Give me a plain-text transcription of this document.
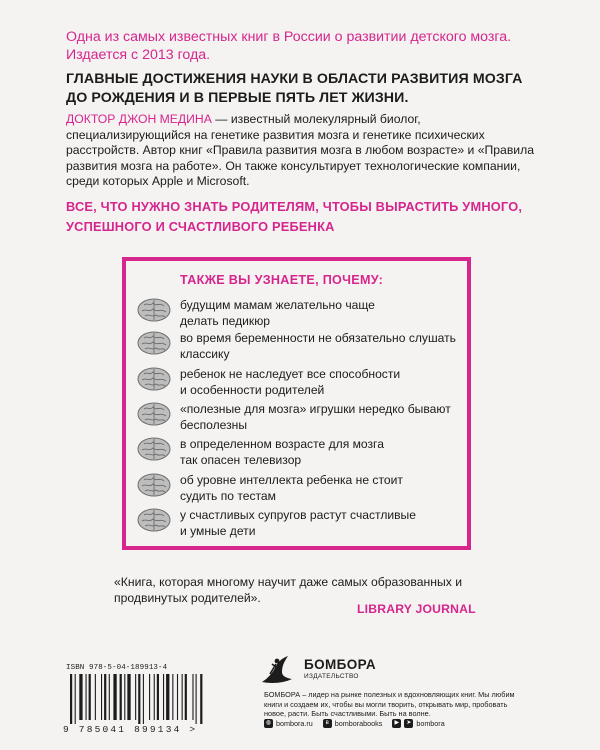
Одна из самых известных книг в России о развитии детского мозга. Издается с 2013 года.
ГЛАВНЫЕ ДОСТИЖЕНИЯ НАУКИ В ОБЛАСТИ РАЗВИТИЯ МОЗГА ДО РОЖДЕНИЯ И В ПЕРВЫЕ ПЯТЬ ЛЕТ ЖИЗНИ.
ДОКТОР ДЖОН МЕДИНА — известный молекулярный биолог, специализирующийся на генетике развития мозга и генетике психических расстройств. Автор книг «Правила развития мозга в любом возрасте» и «Правила развития мозга на работе». Он также консультирует технологические компании, среди которых Apple и Microsoft.
ВСЕ, ЧТО НУЖНО ЗНАТЬ РОДИТЕЛЯМ, ЧТОБЫ ВЫРАСТИТЬ УМНОГО, УСПЕШНОГО И СЧАСТЛИВОГО РЕБЕНКА
ТАКЖЕ ВЫ УЗНАЕТЕ, ПОЧЕМУ:
будущим мамам желательно чаще
делать педикюр
во время беременности не обязательно слушать
классику
ребенок не наследует все способности
и особенности родителей
«полезные для мозга» игрушки нередко бывают
бесполезны
в определенном возрасте для мозга
так опасен телевизор
об уровне интеллекта ребенка не стоит
судить по тестам
у счастливых супругов растут счастливые
и умные дети
«Книга, которая многому научит даже самых образованных и продвинутых родителей».
LIBRARY JOURNAL
ISBN 978-5-04-189913-4
9 785041 899134 >
БОМБОРА
ИЗДАТЕЛЬСТВО
БОМБОРА – лидер на рынке полезных и вдохновляющих книг. Мы любим книги и создаем их, чтобы вы могли творить, открывать мир, пробовать новое, расти. Быть счастливыми. Быть на волне.
◍ bombora.ru	в bomborabooks	▶	➤ bombora
